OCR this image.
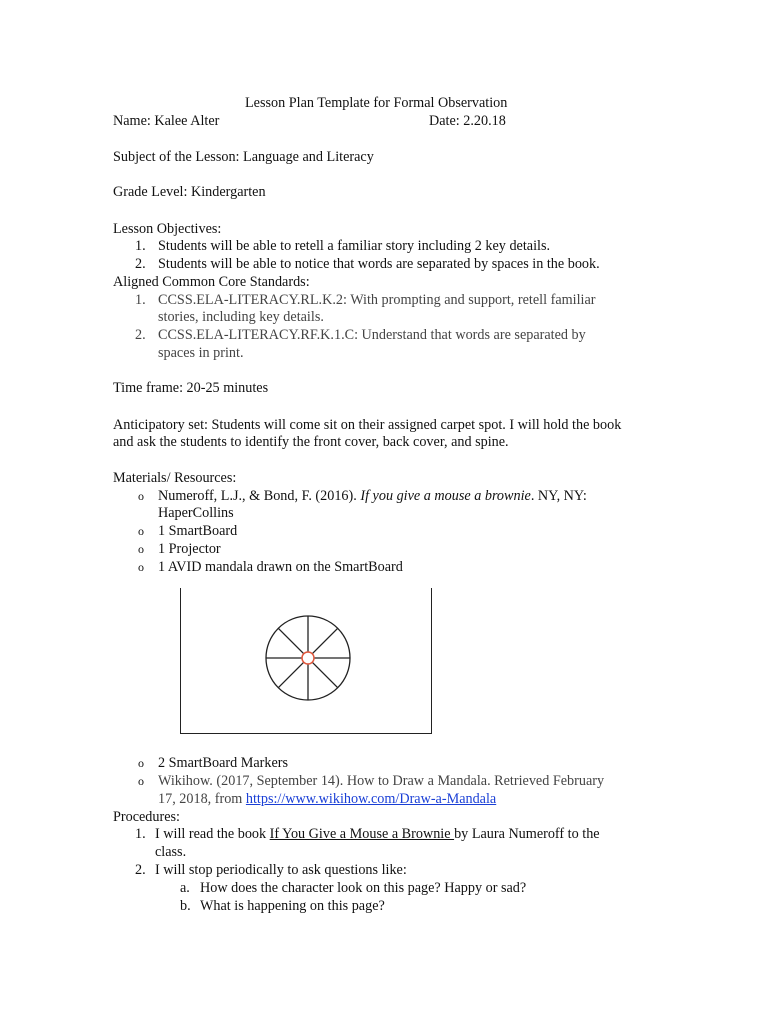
Lesson Plan Template for Formal Observation
Name: Kalee Alter	Date: 2.20.18
Subject of the Lesson: Language and Literacy
Grade Level: Kindergarten
Lesson Objectives:
1. Students will be able to retell a familiar story including 2 key details.
2. Students will be able to notice that words are separated by spaces in the book.
Aligned Common Core Standards:
1. CCSS.ELA-LITERACY.RL.K.2: With prompting and support, retell familiar
stories, including key details.
2. CCSS.ELA-LITERACY.RF.K.1.C: Understand that words are separated by
spaces in print.
Time frame: 20-25 minutes
Anticipatory set: Students will come sit on their assigned carpet spot. I will hold the book
and ask the students to identify the front cover, back cover, and spine.
Materials/ Resources:
o Numeroff, L.J., & Bond, F. (2016). If you give a mouse a brownie. NY, NY:
HaperCollins
o 1 SmartBoard
o 1 Projector
o 1 AVID mandala drawn on the SmartBoard
o 2 SmartBoard Markers
o Wikihow. (2017, September 14). How to Draw a Mandala. Retrieved February
17, 2018, from https://www.wikihow.com/Draw-a-Mandala
Procedures:
1. I will read the book If You Give a Mouse a Brownie by Laura Numeroff to the
class.
2. I will stop periodically to ask questions like:
a. How does the character look on this page? Happy or sad?
b. What is happening on this page?
